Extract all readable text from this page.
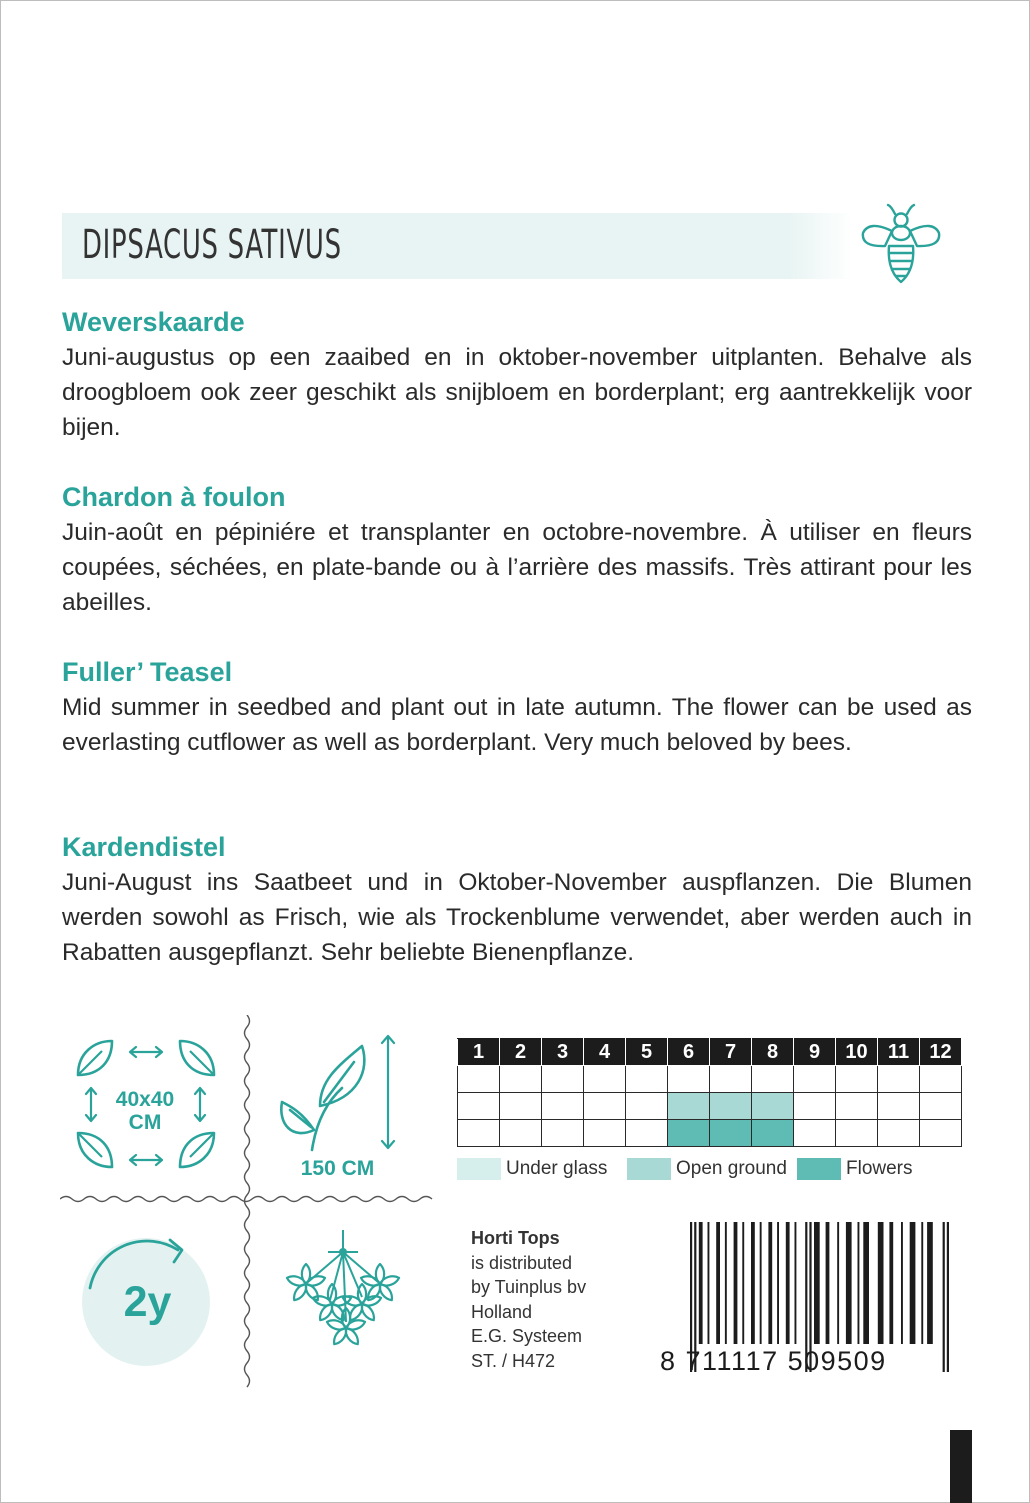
DIPSACUS SATIVUS
Weverskaarde

Juni-augustus op een zaaibed en in oktober-november uitplanten. Behalve als droogbloem ook zeer geschikt als snijbloem en borderplant; erg aantrekkelijk voor bijen.

Chardon à foulon

Juin-août en pépiniére et transplanter en octobre-novembre. À utiliser en fleurs coupées, séchées, en plate-bande ou à l’arrière des massifs. Très attirant pour les abeilles.

Fuller’ Teasel

Mid summer in seedbed and plant out in late autumn. The flower can be used as everlasting cutflower as well as borderplant. Very much beloved by bees.

Kardendistel

Juni-August ins Saatbeet und in Oktober-November auspflanzen. Die Blumen werden sowohl as Frisch, wie als Trockenblume verwendet, aber werden auch in Rabatten ausgepflanzt. Sehr beliebte Bienenpflanze.

40x40
CM
150 CM
2y
1	2	3	4	5	6	7	8	9	10	11	12

Under glass	Open ground	Flowers
Horti Tops
is distributed
by Tuinplus bv
Holland
E.G. Systeem
ST. / H472	8 711117 509509
